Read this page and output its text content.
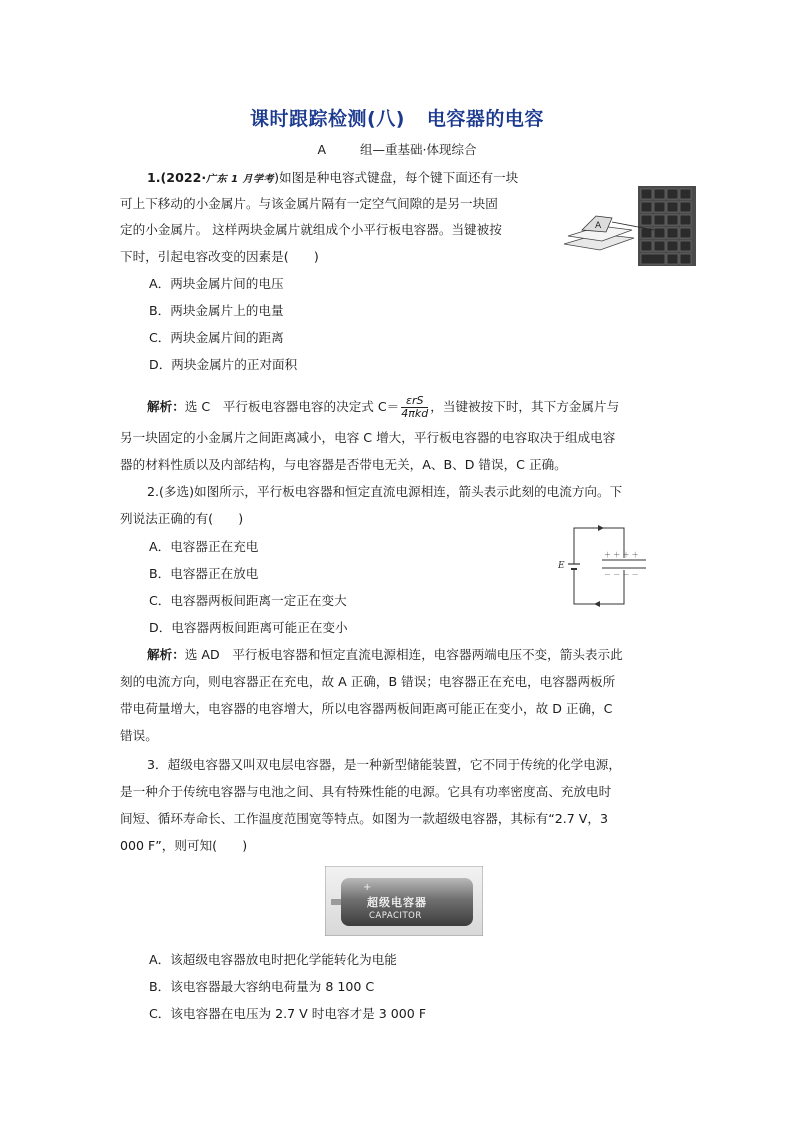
课时跟踪检测(八) 电容器的电容
A	组—重基础·体现综合
1.(2022·广东 1 月学考)如图是种电容式键盘，每个键下面还有一块
可上下移动的小金属片。与该金属片隔有一定空气间隙的是另一块固
定的小金属片。 这样两块金属片就组成个小平行板电容器。当键被按
下时，引起电容改变的因素是(　　)
A
A．两块金属片间的电压
B．两块金属片上的电量
C．两块金属片间的距离
D．两块金属片的正对面积
解析：选 C　平行板电容器电容的决定式 $C= \frac{\text{εrS}}{\text{4πkd}}$ ，当键被按下时，其下方金属片与
另一块固定的小金属片之间距离减小，电容 C 增大，平行板电容器的电容取决于组成电容
器的材料性质以及内部结构，与电容器是否带电无关，A、B、D 错误，C 正确。
2.(多选)如图所示，平行板电容器和恒定直流电源相连，箭头表示此刻的电流方向。下
列说法正确的有(　　)
E
＋ ＋ ＋ ＋
－ － － －
A．电容器正在充电
B．电容器正在放电
C．电容器两板间距离一定正在变大
D．电容器两板间距离可能正在变小
解析：选 AD　平行板电容器和恒定直流电源相连，电容器两端电压不变，箭头表示此
刻的电流方向，则电容器正在充电，故 A 正确，B 错误；电容器正在充电，电容器两板所
带电荷量增大，电容器的电容增大，所以电容器两板间距离可能正在变小，故 D 正确，C
错误。
3．超级电容器又叫双电层电容器，是一种新型储能装置，它不同于传统的化学电源，
是一种介于传统电容器与电池之间、具有特殊性能的电源。它具有功率密度高、充放电时
间短、循环寿命长、工作温度范围宽等特点。如图为一款超级电容器，其标有“2.7 V，3
000 F”，则可知(　　)
+
超级电容器
CAPACITOR
A．该超级电容器放电时把化学能转化为电能
B．该电容器最大容纳电荷量为 8 100 C
C．该电容器在电压为 2.7 V 时电容才是 3 000 F
